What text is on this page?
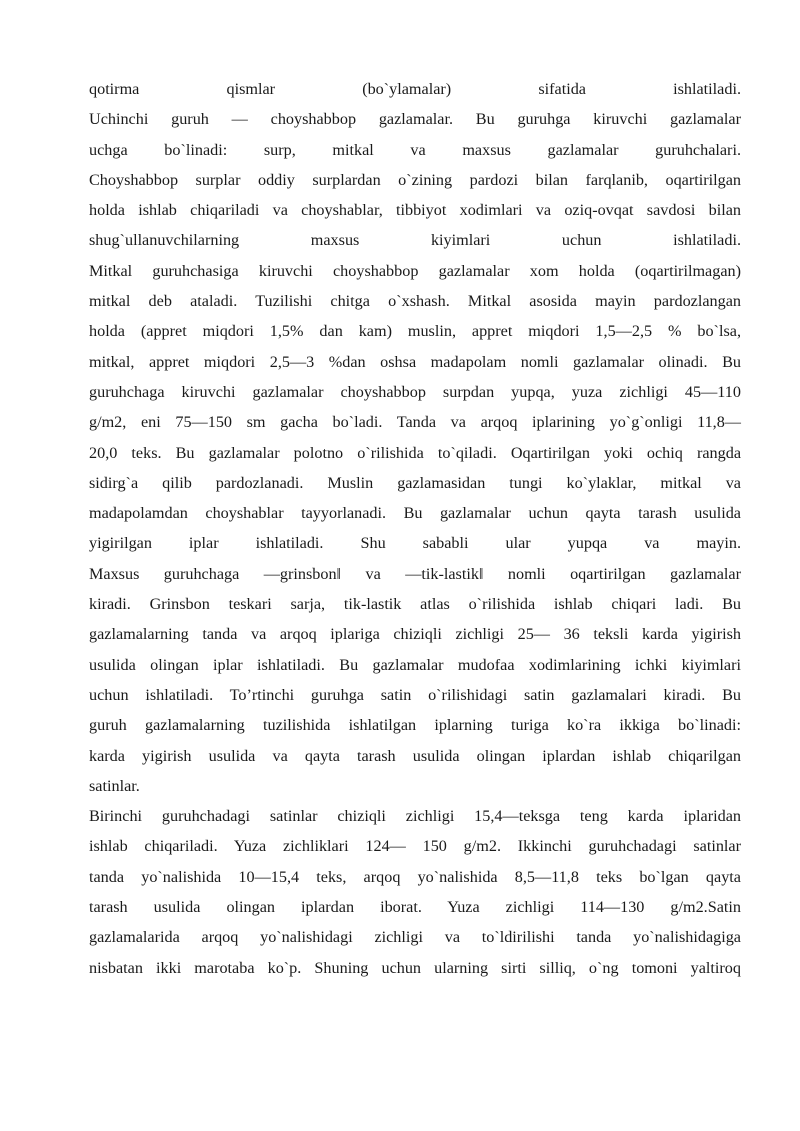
qotirma qismlar (bo`ylamalar) sifatida ishlatiladi.

Uchinchi guruh — choyshabbop gazlamalar. Bu guruhga kiruvchi gazlamalar

uchga bo`linadi: surp, mitkal va maxsus gazlamalar guruhchalari.

Choyshabbop surplar oddiy surplardan o`zining pardozi bilan farqlanib, oqartirilgan

holda ishlab chiqariladi va choyshablar, tibbiyot xodimlari va oziq-ovqat savdosi bilan

shug`ullanuvchilarning maxsus kiyimlari uchun ishlatiladi.

Mitkal guruhchasiga kiruvchi choyshabbop gazlamalar xom holda (oqartirilmagan)

mitkal deb ataladi. Tuzilishi chitga o`xshash. Mitkal asosida mayin pardozlangan

holda (appret miqdori 1,5% dan kam) muslin, appret miqdori 1,5—2,5 % bo`lsa,

mitkal, appret miqdori 2,5—3 %dan oshsa madapolam nomli gazlamalar olinadi. Bu

guruhchaga kiruvchi gazlamalar choyshabbop surpdan yupqa, yuza zichligi 45—110

g/m2, eni 75—150 sm gacha bo`ladi. Tanda va arqoq iplarining yo`g`onligi 11,8—

20,0 teks. Bu gazlamalar polotno o`rilishida to`qiladi. Oqartirilgan yoki ochiq rangda

sidirg`a qilib pardozlanadi. Muslin gazlamasidan tungi ko`ylaklar, mitkal va

madapolamdan choyshablar tayyorlanadi. Bu gazlamalar uchun qayta tarash usulida

yigirilgan iplar ishlatiladi. Shu sababli ular yupqa va mayin.

Maxsus guruhchaga ―grinsbon‖ va ―tik-lastik‖ nomli oqartirilgan gazlamalar

kiradi. Grinsbon teskari sarja, tik-lastik atlas o`rilishida ishlab chiqari ladi. Bu

gazlamalarning tanda va arqoq iplariga chiziqli zichligi 25— 36 teksli karda yigirish

usulida olingan iplar ishlatiladi. Bu gazlamalar mudofaa xodimlarining ichki kiyimlari

uchun ishlatiladi. To’rtinchi guruhga satin o`rilishidagi satin gazlamalari kiradi. Bu

guruh gazlamalarning tuzilishida ishlatilgan iplarning turiga ko`ra ikkiga bo`linadi:

karda yigirish usulida va qayta tarash usulida olingan iplardan ishlab chiqarilgan

satinlar.

Birinchi guruhchadagi satinlar chiziqli zichligi 15,4—teksga teng karda iplaridan

ishlab chiqariladi. Yuza zichliklari 124— 150 g/m2. Ikkinchi guruhchadagi satinlar

tanda yo`nalishida 10—15,4 teks, arqoq yo`nalishida 8,5—11,8 teks bo`lgan qayta

tarash usulida olingan iplardan iborat. Yuza zichligi 114—130 g/m2.Satin

gazlamalarida arqoq yo`nalishidagi zichligi va to`ldirilishi tanda yo`nalishidagiga

nisbatan ikki marotaba ko`p. Shuning uchun ularning sirti silliq, o`ng tomoni yaltiroq
